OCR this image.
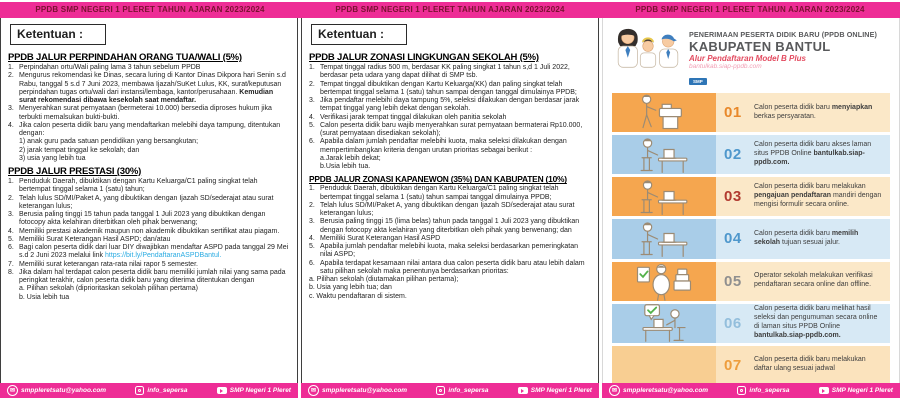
PPDB SMP NEGERI 1 PLERET TAHUN AJARAN 2023/2024	PPDB SMP NEGERI 1 PLERET TAHUN AJARAN 2023/2024	PPDB SMP NEGERI 1 PLERET TAHUN AJARAN 2023/2024
Ketentuan :
PPDB JALUR PERPINDAHAN ORANG TUA/WALI (5%)
1. Perpindahan ortu/Wali paling lama 3 tahun sebelum PPDB
2. Mengurus rekomendasi ke Dinas, secara luring di Kantor Dinas Dikpora hari Senin s.d Rabu, tanggal 5 s.d 7 Juni 2023, membawa Ijazah/SuKet Lulus, KK, surat/keputusan perpindahan tugas ortu/wali dari instansi/lembaga, kantor/perusahaan. Kemudian surat rekomendasi dibawa kesekolah saat mendaftar.
3. Menyerahkan surat pernyataan (bermeterai 10.000) bersedia diproses hukum jika terbukti memalsukan bukti-bukti.
4. Jika calon peserta didik baru yang mendaftarkan melebihi daya tampung, ditentukan dengan:
1) anak guru pada satuan pendidikan yang bersangkutan;
2) jarak tempat tinggal ke sekolah; dan
3) usia yang lebih tua
PPDB JALUR PRESTASI (30%)
1. Penduduk Daerah, dibuktikan dengan Kartu Keluarga/C1 paling singkat telah bertempat tinggal selama 1 (satu) tahun;
2. Telah lulus SD/MI/Paket A, yang dibuktikan dengan Ijazah SD/sederajat atau surat keterangan lulus;
3. Berusia paling tinggi 15 tahun pada tanggal 1 Juli 2023 yang dibuktikan dengan fotocopy akta kelahiran diterbitkan oleh pihak berwenang;
4. Memiliki prestasi akademik maupun non akademik dibuktikan sertifikat atau piagam.
5. Memiliki Surat Keterangan Hasil ASPD; dan/atau
6. Bagi calon peserta didik dari luar DIY diwajibkan mendaftar ASPD pada tanggal 29 Mei s.d 2 Juni 2023 melalui link https://bit.ly/PendaftaranASPDBantul.
7. Memiliki surat keterangan rata-rata nilai rapor 5 semester.
8. Jika dalam hal terdapat calon peserta didik baru memiliki jumlah nilai yang sama pada peringkat terakhir, calon peserta didik baru yang diterima ditentukan dengan
a. Pilihan sekolah (diprioritaskan sekolah pilihan pertama)
b. Usia lebih tua
✉ smppleretsatu@yahoo.com	info_sepersa	SMP Negeri 1 Pleret
Ketentuan :
PPDB JALUR ZONASI LINGKUNGAN SEKOLAH (5%)
1. Tempat tinggal radius 500 m, berdasar KK paling singkat 1 tahun s,d 1 Juli 2022, berdasar peta udara yang dapat dilihat di SMP tsb.
2. Tempat tinggal dibuktikan dengan Kartu Keluarga(KK) dan paling singkat telah bertempat tinggal selama 1 (satu) tahun sampai dengan tanggal dimulainya PPDB;
3. Jika pendaftar melebihi daya tampung 5%, seleksi dilakukan dengan berdasar jarak tempat tinggal yang lebih dekat dengan sekolah.
4. Verifikasi jarak tempat tinggal dilakukan oleh panitia sekolah
5. Calon peserta didik baru wajib menyerahkan surat pernyataan bermaterai Rp10.000, (surat pernyataan disediakan sekolah);
6. Apabila dalam jumlah pendaftar melebihi kuota, maka seleksi dilakukan dengan mempertimbangkan kriteria dengan urutan prioritas sebagai berikut :
a.Jarak lebih dekat;
b.Usia lebih tua.
PPDB JALUR ZONASI KAPANEWON (35%) DAN KABUPATEN (10%)
1. Penduduk Daerah, dibuktikan dengan Kartu Keluarga/C1 paling singkat telah bertempat tinggal selama 1 (satu) tahun sampai tanggal dimulainya PPDB;
2. Telah lulus SD/MI/Paket A, yang dibuktikan dengan Ijazah SD/sederajat atau surat keterangan lulus;
3. Berusia paling tinggi 15 (lima belas) tahun pada tanggal 1 Juli 2023 yang dibuktikan dengan fotocopy akta kelahiran yang diterbitkan oleh pihak yang berwenang; dan
4. Memiliki Surat Keterangan Hasil ASPD
5. Apabila jumlah pendaftar melebihi kuota, maka seleksi berdasarkan pemeringkatan nilai ASPD;
6. Apabila terdapat kesamaan nilai antara dua calon peserta didik baru atau lebih dalam satu pilihan sekolah maka penentunya berdasarkan prioritas:
a. Pilihan sekolah (diutamakan pilihan pertama);
b. Usia yang lebih tua; dan
c. Waktu pendaftaran di sistem.
✉ smppleretsatu@yahoo.com	info_sepersa	SMP Negeri 1 Pleret
PENERIMAAN PESERTA DIDIK BARU (PPDB ONLINE)
KABUPATEN BANTUL
Alur Pendaftaran Model B Plus
bantulkab.siap-ppdb.com
SMP
01	Calon peserta didik baru menyiapkan berkas persyaratan.
02
Calon peserta didik baru akses laman situs PPDB Online bantulkab.siap-ppdb.com.
03
Calon peserta didik baru melakukan pengajuan pendaftaran mandiri dengan mengisi formulir secara online.
04	Calon peserta didik baru memilih sekolah tujuan sesuai jalur.
05	Operator sekolah melakukan verifikasi pendaftaran secara online dan offline.
06
Calon peserta didik baru melihat hasil seleksi dan pengumuman secara online di laman situs PPDB Online bantulkab.siap-ppdb.com.
07	Calon peserta didik baru melakukan daftar ulang sesuai jadwal
✉ smppleretsatu@yahoo.com	info_sepersa	SMP Negeri 1 Pleret
